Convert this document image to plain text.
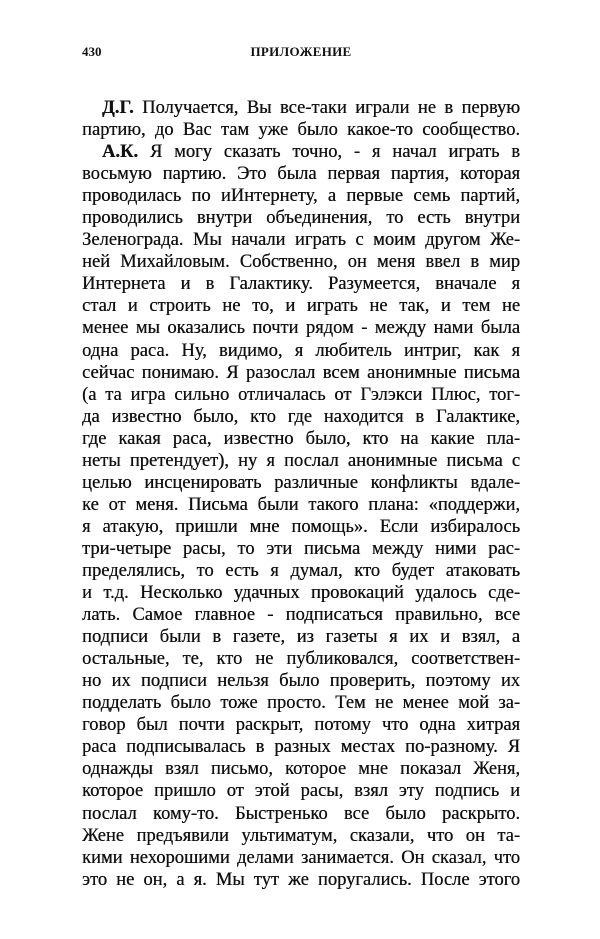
430	ПРИЛОЖЕНИЕ
Д.Г. Получается, Вы все-таки играли не в первую
партию, до Вас там уже было какое-то сообщество.
А.К. Я могу сказать точно, - я начал играть в
восьмую партию. Это была первая партия, которая
проводилась по иИнтернету, а первые семь партий,
проводились внутри объединения, то есть внутри
Зеленограда. Мы начали играть с моим другом Же-
ней Михайловым. Собственно, он меня ввел в мир
Интернета и в Галактику. Разумеется, вначале я
стал и строить не то, и играть не так, и тем не
менее мы оказались почти рядом - между нами была
одна раса. Ну, видимо, я любитель интриг, как я
сейчас понимаю. Я разослал всем анонимные письма
(а та игра сильно отличалась от Гэлэкси Плюс, тог-
да известно было, кто где находится в Галактике,
где какая раса, известно было, кто на какие пла-
неты претендует), ну я послал анонимные письма с
целью инсценировать различные конфликты вдале-
ке от меня. Письма были такого плана: «поддержи,
я атакую, пришли мне помощь». Если избиралось
три-четыре расы, то эти письма между ними рас-
пределялись, то есть я думал, кто будет атаковать
и т.д. Несколько удачных провокаций удалось сде-
лать. Самое главное - подписаться правильно, все
подписи были в газете, из газеты я их и взял, а
остальные, те, кто не публиковался, соответствен-
но их подписи нельзя было проверить, поэтому их
подделать было тоже просто. Тем не менее мой за-
говор был почти раскрыт, потому что одна хитрая
раса подписывалась в разных местах по-разному. Я
однажды взял письмо, которое мне показал Женя,
которое пришло от этой расы, взял эту подпись и
послал кому-то. Быстренько все было раскрыто.
Жене предъявили ультиматум, сказали, что он та-
кими нехорошими делами занимается. Он сказал, что
это не он, а я. Мы тут же поругались. После этого
